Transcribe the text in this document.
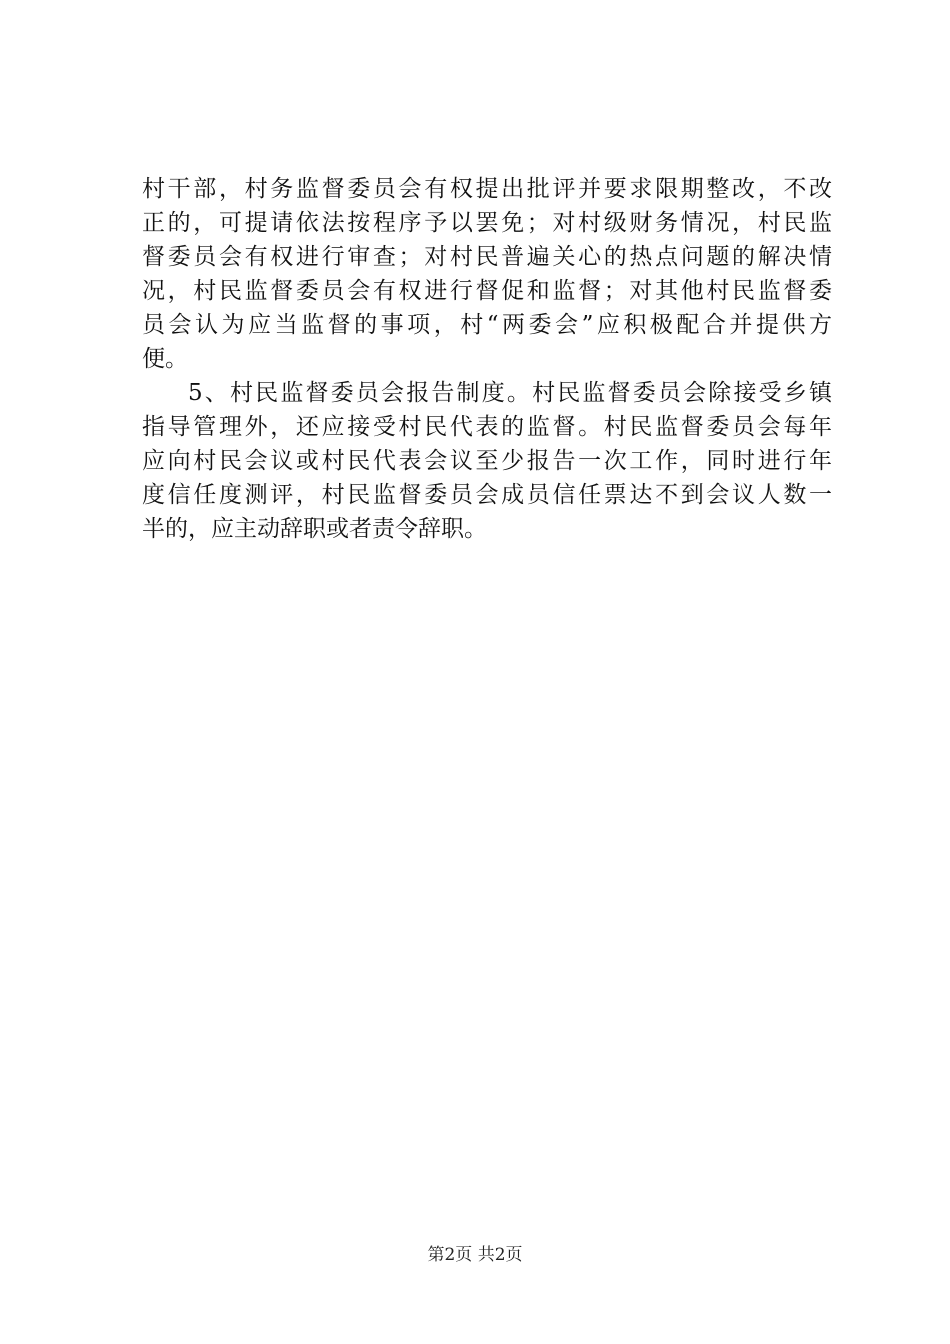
村干部，村务监督委员会有权提出批评并要求限期整改，不改
正的，可提请依法按程序予以罢免；对村级财务情况，村民监
督委员会有权进行审查；对村民普遍关心的热点问题的解决情
况，村民监督委员会有权进行督促和监督；对其他村民监督委
员会认为应当监督的事项，村“两委会”应积极配合并提供方
便。
5、村民监督委员会报告制度。村民监督委员会除接受乡镇
指导管理外，还应接受村民代表的监督。村民监督委员会每年
应向村民会议或村民代表会议至少报告一次工作，同时进行年
度信任度测评，村民监督委员会成员信任票达不到会议人数一
半的，应主动辞职或者责令辞职。
第2页 共2页
